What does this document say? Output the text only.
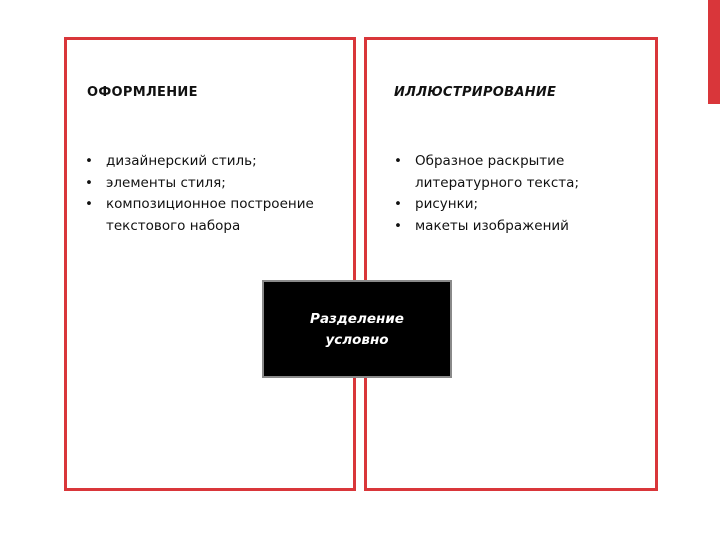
ОФОРМЛЕНИЕ
• дизайнерский стиль;
• элементы стиля;
• композиционное построение текстового набора
ИЛЛЮСТРИРОВАНИЕ
• Образное раскрытие литературного текста;
• рисунки;
• макеты изображений
Разделение
условно
